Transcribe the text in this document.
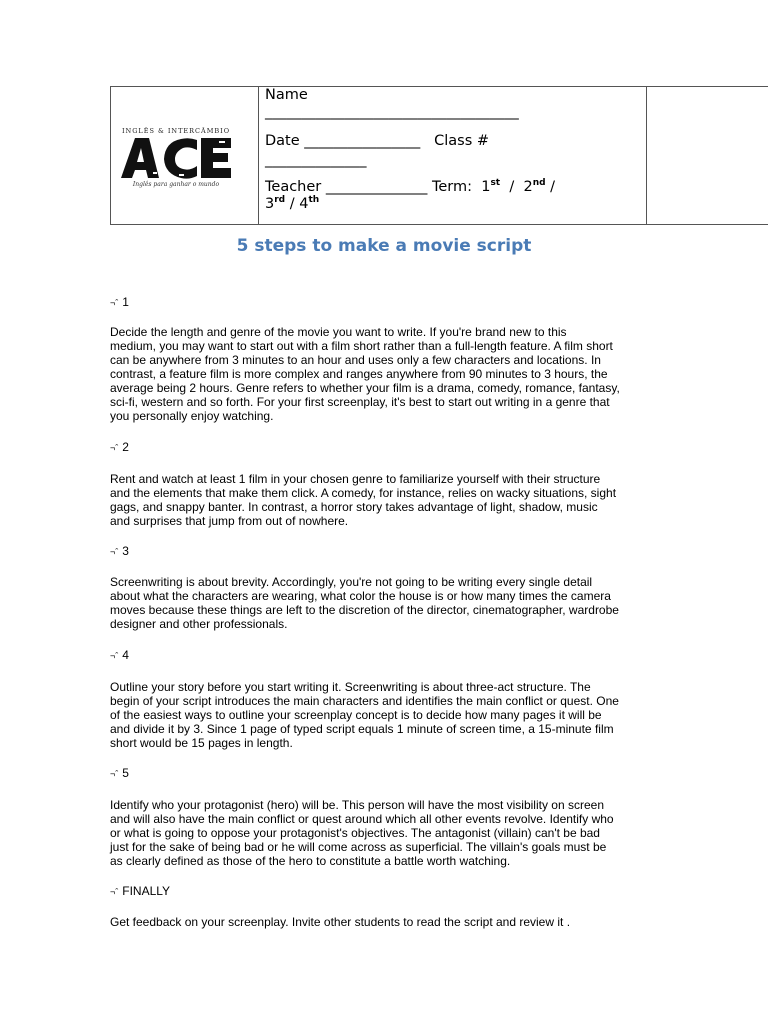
INGLÊS & INTERCÂMBIO
Inglês para ganhar o mundo
Name
___________________________________
Date ________________ Class #
______________
Teacher ______________ Term: 1st / 2nd /
3rd / 4th
5 steps to make a movie script
¬ˆ 1
Decide the length and genre of the movie you want to write. If you're brand new to this
medium, you may want to start out with a film short rather than a full-length feature. A film short
can be anywhere from 3 minutes to an hour and uses only a few characters and locations. In
contrast, a feature film is more complex and ranges anywhere from 90 minutes to 3 hours, the
average being 2 hours. Genre refers to whether your film is a drama, comedy, romance, fantasy,
sci-fi, western and so forth. For your first screenplay, it's best to start out writing in a genre that
you personally enjoy watching.
¬ˆ 2
Rent and watch at least 1 film in your chosen genre to familiarize yourself with their structure
and the elements that make them click. A comedy, for instance, relies on wacky situations, sight
gags, and snappy banter. In contrast, a horror story takes advantage of light, shadow, music
and surprises that jump from out of nowhere.
¬ˆ 3
Screenwriting is about brevity. Accordingly, you're not going to be writing every single detail
about what the characters are wearing, what color the house is or how many times the camera
moves because these things are left to the discretion of the director, cinematographer, wardrobe
designer and other professionals.
¬ˆ 4
Outline your story before you start writing it. Screenwriting is about three-act structure. The
begin of your script introduces the main characters and identifies the main conflict or quest. One
of the easiest ways to outline your screenplay concept is to decide how many pages it will be
and divide it by 3. Since 1 page of typed script equals 1 minute of screen time, a 15-minute film
short would be 15 pages in length.
¬ˆ 5
Identify who your protagonist (hero) will be. This person will have the most visibility on screen
and will also have the main conflict or quest around which all other events revolve. Identify who
or what is going to oppose your protagonist's objectives. The antagonist (villain) can't be bad
just for the sake of being bad or he will come across as superficial. The villain's goals must be
as clearly defined as those of the hero to constitute a battle worth watching.
¬ˆ FINALLY
Get feedback on your screenplay. Invite other students to read the script and review it .
